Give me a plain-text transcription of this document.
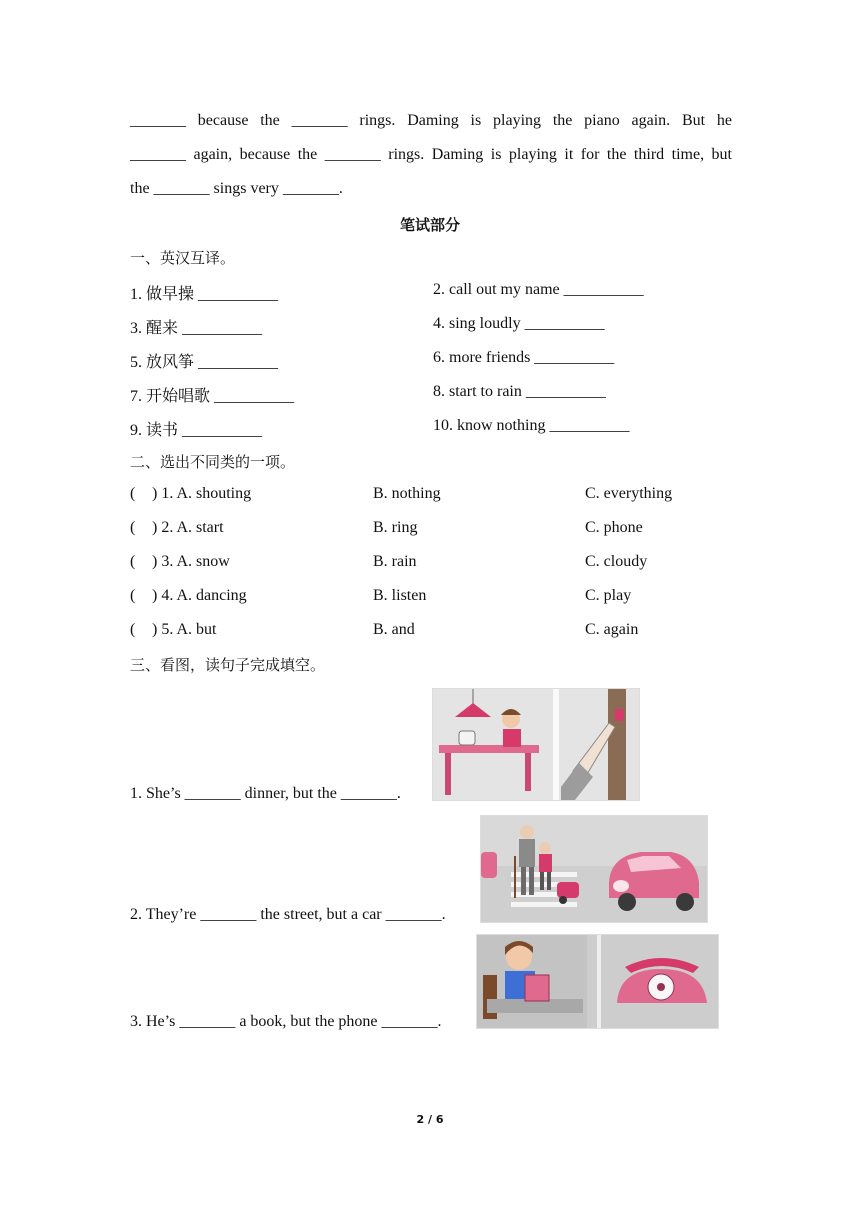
_______ because the _______ rings. Daming is playing the piano again. But he
_______ again, because the _______ rings. Daming is playing it for the third time, but
the _______ sings very _______.
笔试部分
一、英汉互译。
1. 做早操 __________	2. call out my name __________
3. 醒来 __________	4. sing loudly __________
5. 放风筝 __________	6. more friends __________
7. 开始唱歌 __________	8. start to rain __________
9. 读书 __________	10. know nothing __________
二、选出不同类的一项。
( ) 1. A. shouting	B. nothing	C. everything
( ) 2. A. start	B. ring	C. phone
( ) 3. A. snow	B. rain	C. cloudy
( ) 4. A. dancing	B. listen	C. play
( ) 5. A. but	B. and	C. again
三、看图，读句子完成填空。
1. She’s _______ dinner, but the _______.
2. They’re _______ the street, but a car _______.
3. He’s _______ a book, but the phone _______.
2 / 6
